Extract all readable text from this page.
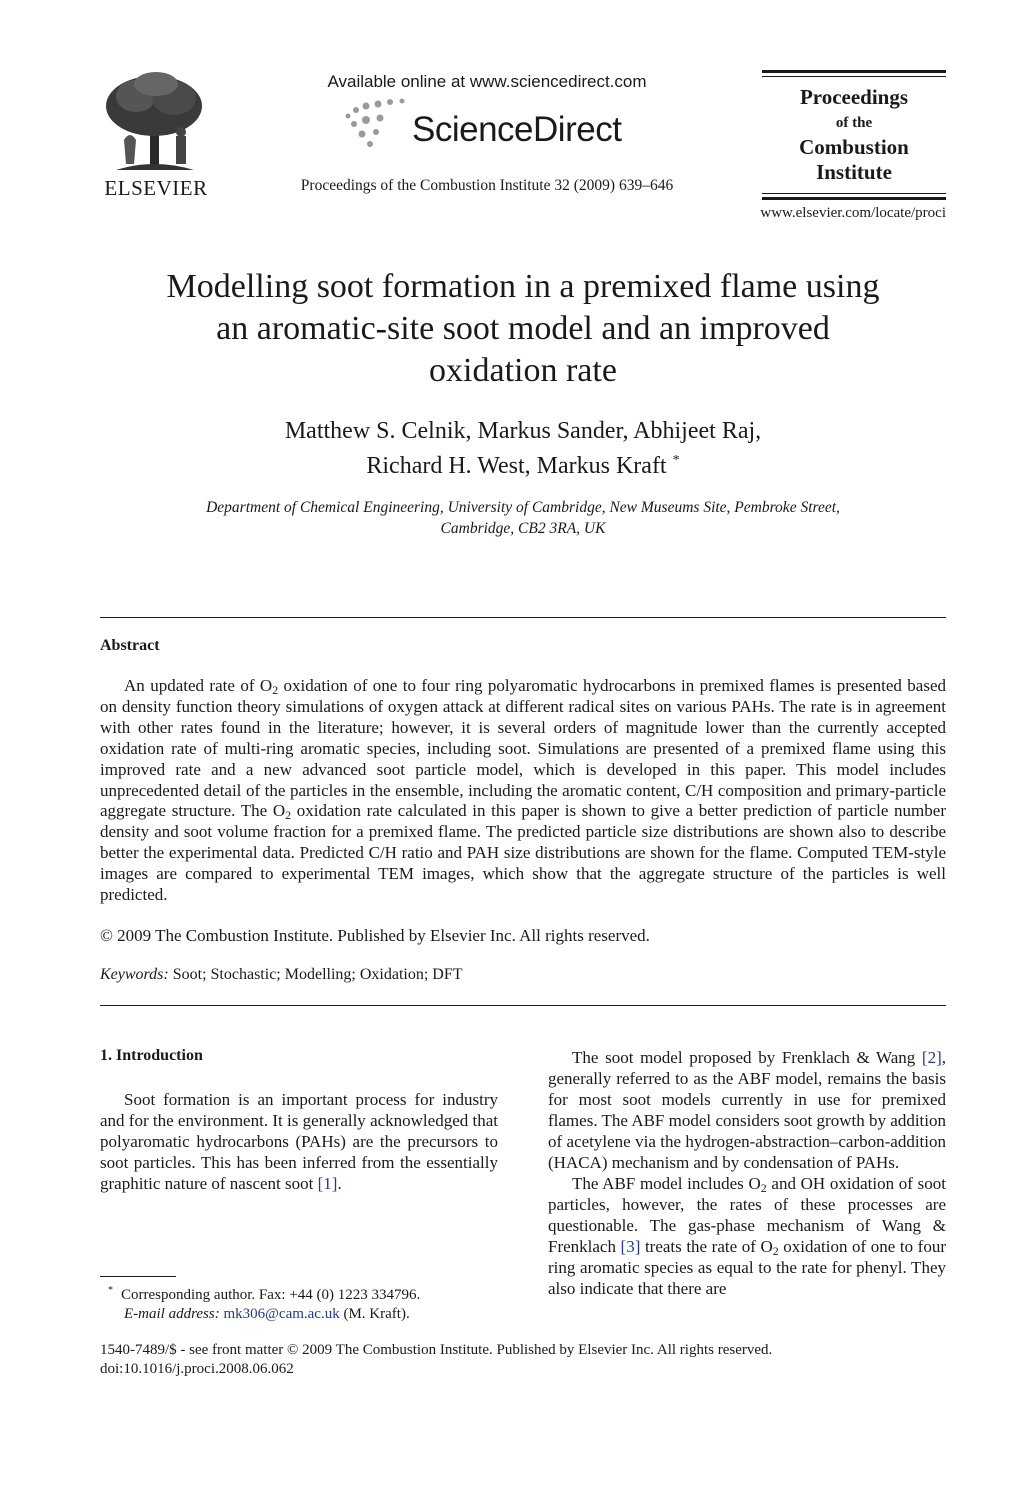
ELSEVIER
Available online at www.sciencedirect.com
ScienceDirect
Proceedings of the Combustion Institute 32 (2009) 639–646
Proceedings
of the
Combustion
Institute
www.elsevier.com/locate/proci
Modelling soot formation in a premixed flame using
an aromatic-site soot model and an improved
oxidation rate
Matthew S. Celnik, Markus Sander, Abhijeet Raj,
Richard H. West, Markus Kraft *
Department of Chemical Engineering, University of Cambridge, New Museums Site, Pembroke Street,
Cambridge, CB2 3RA, UK
Abstract

An updated rate of $O_2$ oxidation of one to four ring polyaromatic hydrocarbons in premixed flames is presented based on density function theory simulations of oxygen attack at different radical sites on various PAHs. The rate is in agreement with other rates found in the literature; however, it is several orders of magnitude lower than the currently accepted oxidation rate of multi-ring aromatic species, including soot. Simulations are presented of a premixed flame using this improved rate and a new advanced soot particle model, which is developed in this paper. This model includes unprecedented detail of the particles in the ensemble, including the aromatic content, C/H composition and primary-particle aggregate structure. The $O_2$ oxidation rate calculated in this paper is shown to give a better prediction of particle number density and soot volume fraction for a premixed flame. The predicted particle size distributions are shown also to describe better the experimental data. Predicted C/H ratio and PAH size distributions are shown for the flame. Computed TEM-style images are compared to experimental TEM images, which show that the aggregate structure of the particles is well predicted.

© 2009 The Combustion Institute. Published by Elsevier Inc. All rights reserved.
Keywords: Soot; Stochastic; Modelling; Oxidation; DFT
1. Introduction

Soot formation is an important process for industry and for the environment. It is generally acknowledged that polyaromatic hydrocarbons (PAHs) are the precursors to soot particles. This has been inferred from the essentially graphitic nature of nascent soot [1].

The soot model proposed by Frenklach & Wang [2], generally referred to as the ABF model, remains the basis for most soot models currently in use for premixed flames. The ABF model considers soot growth by addition of acetylene via the hydrogen-abstraction–carbon-addition (HACA) mechanism and by condensation of PAHs.

The ABF model includes $O_2$ and OH oxidation of soot particles, however, the rates of these processes are questionable. The gas-phase mechanism of Wang & Frenklach [3] treats the rate of $O_2$ oxidation of one to four ring aromatic species as equal to the rate for phenyl. They also indicate that there are

* Corresponding author. Fax: +44 (0) 1223 334796.
E-mail address: mk306@cam.ac.uk (M. Kraft).
1540-7489/$ - see front matter © 2009 The Combustion Institute. Published by Elsevier Inc. All rights reserved.
doi:10.1016/j.proci.2008.06.062
